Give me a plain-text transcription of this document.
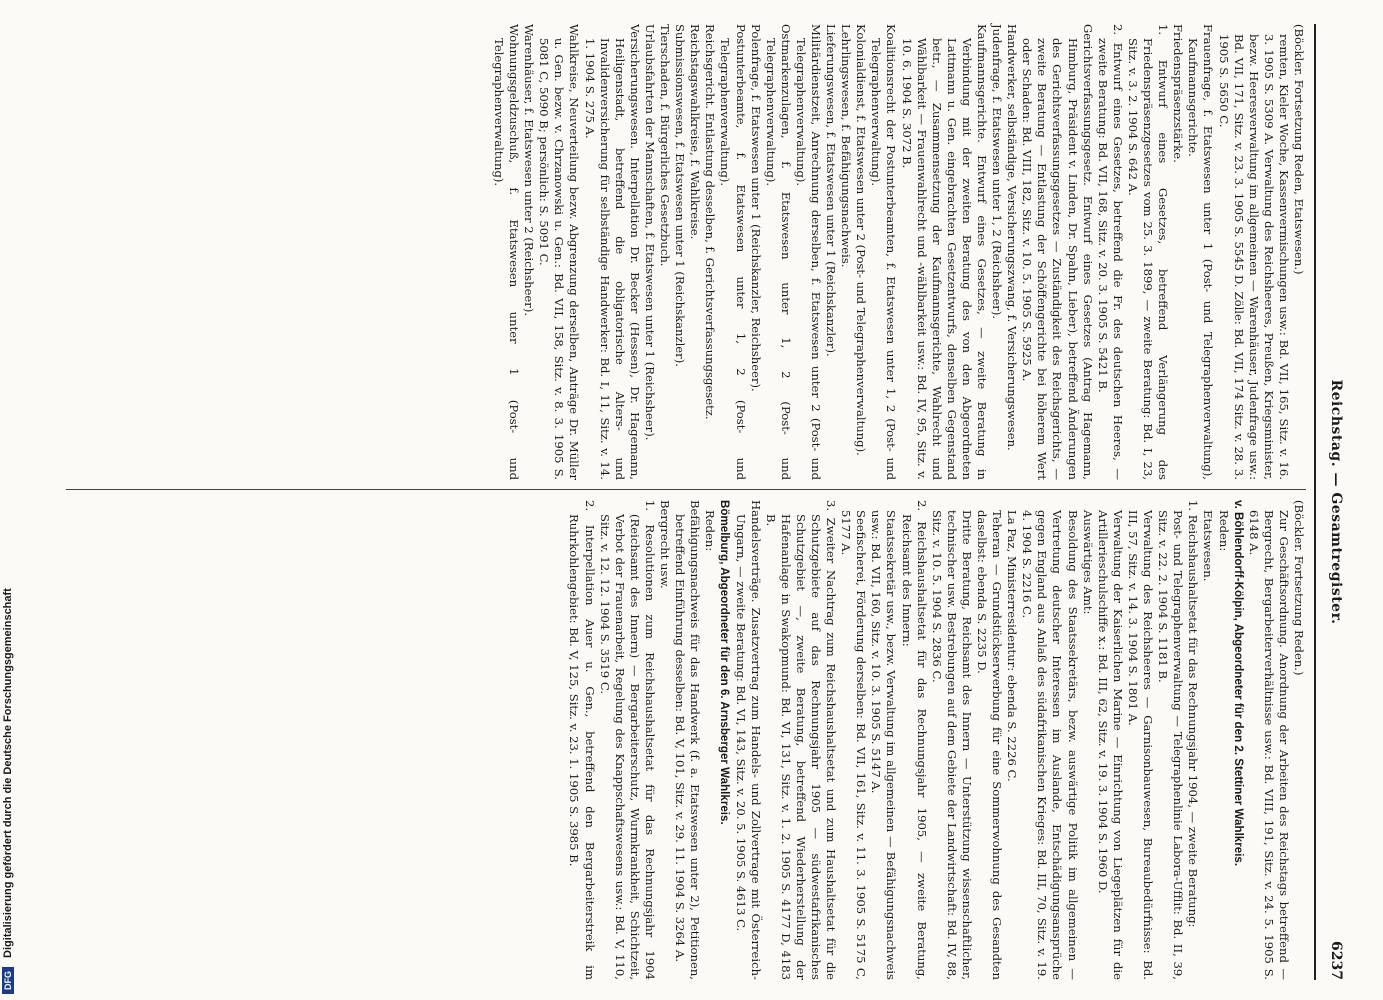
Reichstag. — Gesamtregister.
6237

(Böckler. Fortsetzung Reden, Etatswesen.)

remten, Kieler Woche, Kassenvermischungen usw.: Bd. VII, 165, Sitz. v. 16. 3. 1905 S. 5309 A. Verwaltung des Reichsheeres, Preußen, Kriegsminister, bezw. Heeresverwaltung im allgemeinen — Warenhäuser, Judenfrage usw.: Bd. VII, 171, Sitz. v. 23. 3. 1905 S. 5545 D. Zölle: Bd. VII, 174 Sitz. v. 28. 3. 1905 S. 5650 C.

Frauenfrage, f. Etatswesen unter 1 (Post- und Telegraphenverwaltung), Kaufmannsgerichte.

Friedenspräsenzstärke.

1. Entwurf eines Gesetzes, betreffend Verlängerung des Friedenspräsenzgesetzes vom 25. 3. 1899, — zweite Beratung: Bd. I, 23, Sitz. v. 3. 2. 1904 S. 642 A.

2. Entwurf eines Gesetzes, betreffend die Fr. des deutschen Heeres, — zweite Beratung: Bd. VII, 168, Sitz. v. 20. 3. 1905 S. 5421 B.

Gerichtsverfassungsgesetz. Entwurf eines Gesetzes (Antrag Hagemann, Himburg, Präsident v. Linden, Dr. Spahn, Lieber), betreffend Änderungen des Gerichtsverfassungsgesetzes — Zuständigkeit des Reichsgerichts, — zweite Beratung — Entlastung der Schöffengerichte bei höherem Wert oder Schaden: Bd. VIII, 182, Sitz. v. 10. 5. 1905 S. 5925 A.

Handwerker, selbständige, Versicherungszwang, f. Versicherungswesen.

Judenfrage, f. Etatswesen unter 1, 2 (Reichsheer).

Kaufmannsgerichte. Entwurf eines Gesetzes, — zweite Beratung in Verbindung mit der zweiten Beratung des von den Abgeordneten Lattmann u. Gen. eingebrachten Gesetzentwurfs, denselben Gegenstand betr., — Zusammensetzung der Kaufmannsgerichte, Wahlrecht und Wählbarkeit — Frauenwahlrecht und -wählbarkeit usw.: Bd. IV, 95, Sitz. v. 10. 6. 1904 S. 3072 B.

Koalitionsrecht der Postunterbeamten, f. Etatswesen unter 1, 2 (Post- und Telegraphenverwaltung).

Kolonialdienst, f. Etatswesen unter 2 (Post- und Telegraphenverwaltung).

Lehrlingswesen, f. Befähigungsnachweis.

Lieferungswesen, f. Etatswesen unter 1 (Reichskanzler).

Militärdienstzeit, Anrechnung derselben, f. Etatswesen unter 2 (Post- und Telegraphenverwaltung).

Ostmarkenzulagen, f. Etatswesen unter 1, 2 (Post- und Telegraphenverwaltung).

Polenfrage, f. Etatswesen unter 1 (Reichskanzler, Reichsheer).

Postunterbeamte, f. Etatswesen unter 1, 2 (Post- und Telegraphenverwaltung).

Reichsgericht. Entlastung desselben, f. Gerichtsverfassungsgesetz.

Reichstagswahlkreise, f. Wahlkreise.

Submissionswesen, f. Etatswesen unter 1 (Reichskanzler).

Tierschaden, f. Bürgerliches Gesetzbuch.

Urlaubsfahrten der Mannschaften, f. Etatswesen unter 1 (Reichsheer).

Versicherungswesen. Interpellation Dr. Becker (Hessen), Dr. Hagemann, Heiligenstadt, betreffend die obligatorische Alters- und Invalidenversicherung für selbständige Handwerker: Bd. I, 11, Sitz. v. 14. 1. 1904 S. 275 A.

Wahlkreise, Neuverteilung bezw. Abgrenzung derselben, Anträge Dr. Müller u. Gen. bezw. v. Chrzanowski u. Gen.: Bd. VII, 158, Sitz. v. 8. 3. 1905 S. 5081 C, 5090 B; persönlich: S. 5091 C.

Warenhäuser, f. Etatswesen unter 2 (Reichsheer).

Wohnungsgeldzuschuß, f. Etatswesen unter 1 (Post- und Telegraphenverwaltung).

(Böckler. Fortsetzung Reden.)

Zur Geschäftsordnung. Anordnung der Arbeiten des Reichstags betreffend — Bergrecht, Bergarbeiterverhältnisse usw.: Bd. VIII, 191, Sitz. v. 24. 5. 1905 S. 6148 A.

v. Böhlendorff-Kölpin, Abgeordneter für den 2. Stettiner Wahlkreis.

Reden:

Etatswesen.

1. Reichshaushaltsetat für das Rechnungsjahr 1904, — zweite Beratung:

Post- und Telegraphenverwaltung — Telegraphenlinie Labora-Ufflit: Bd. II, 39, Sitz. v. 22. 2. 1904 S. 1181 B.

Verwaltung des Reichsheeres — Garnisonbauwesen, Bureaubedürfnisse: Bd. III, 57, Sitz. v. 14. 3. 1904 S. 1801 A.

Verwaltung der Kaiserlichen Marine — Einrichtung von Liegeplätzen für die Artillerieschulschiffe x.: Bd. III, 62, Sitz. v. 19. 3. 1904 S. 1960 D.

Auswärtiges Amt:

Besoldung des Staatssekretärs, bezw. auswärtige Politik im allgemeinen — Vertretung deutscher Interessen im Auslande, Entschädigungsansprüche gegen England aus Anlaß des südafrikanischen Krieges: Bd. III, 70, Sitz. v. 19. 4. 1904 S. 2216 C.

La Paz, Ministerresidentur: ebenda S. 2226 C.

Teheran — Grundstückserwerbung für eine Sommerwohnung des Gesandten daselbst: ebenda S. 2235 D.

Dritte Beratung, Reichsamt des Innern — Unterstützung wissenschaftlicher, technischer usw. Bestrebungen auf dem Gebiete der Landwirtschaft: Bd. IV, 88, Sitz. v. 10. 5. 1904 S. 2836 C.

2. Reichshaushaltsetat für das Rechnungsjahr 1905, — zweite Beratung, Reichsamt des Innern:

Staatssekretär usw., bezw. Verwaltung im allgemeinen — Befähigungsnachweis usw.: Bd. VII, 160, Sitz. v. 10. 3. 1905 S. 5147 A.

Seefischerei, Förderung derselben: Bd. VII, 161, Sitz. v. 11. 3. 1905 S. 5175 C, 5177 A.

3. Zweiter Nachtrag zum Reichshaushaltsetat und zum Haushaltsetat für die Schutzgebiete auf das Rechnungsjahr 1905 — südwestafrikanisches Schutzgebiet —, zweite Beratung, betreffend Wiederherstellung der Hafenanlage in Swakopmund: Bd. VI, 131, Sitz. v. 1. 2. 1905 S. 4177 D, 4183 B.

Handelsverträge. Zusatzvertrag zum Handels- und Zollvertrage mit Österreich-Ungarn, — zweite Beratung: Bd. VI, 143, Sitz. v. 20. 5. 1905 S. 4613 C.

Bömelburg, Abgeordneter für den 6. Arnsberger Wahlkreis.

Reden:

Befähigungsnachweis für das Handwerk (f. a. Etatswesen unter 2), Petitionen, betreffend Einführung desselben: Bd. V, 101, Sitz. v. 29. 11. 1904 S. 3264 A.

Bergrecht usw.

1. Resolutionen zum Reichshaushaltsetat für das Rechnungsjahr 1904 (Reichsamt des Innern) — Bergarbeiterschutz, Wurmkrankheit, Schichtzeit, Verbot der Frauenarbeit, Regelung des Knappschaftswesens usw.: Bd. V, 110, Sitz. v. 12. 12. 1904 S. 3519 C.

2. Interpellation Auer u. Gen., betreffend den Bergarbeiterstreik im Ruhrkohlengebiet: Bd. V, 125, Sitz. v. 23. 1. 1905 S. 3985 B.

DFG Digitalisierung gefördert durch die Deutsche Forschungsgemeinschaft
